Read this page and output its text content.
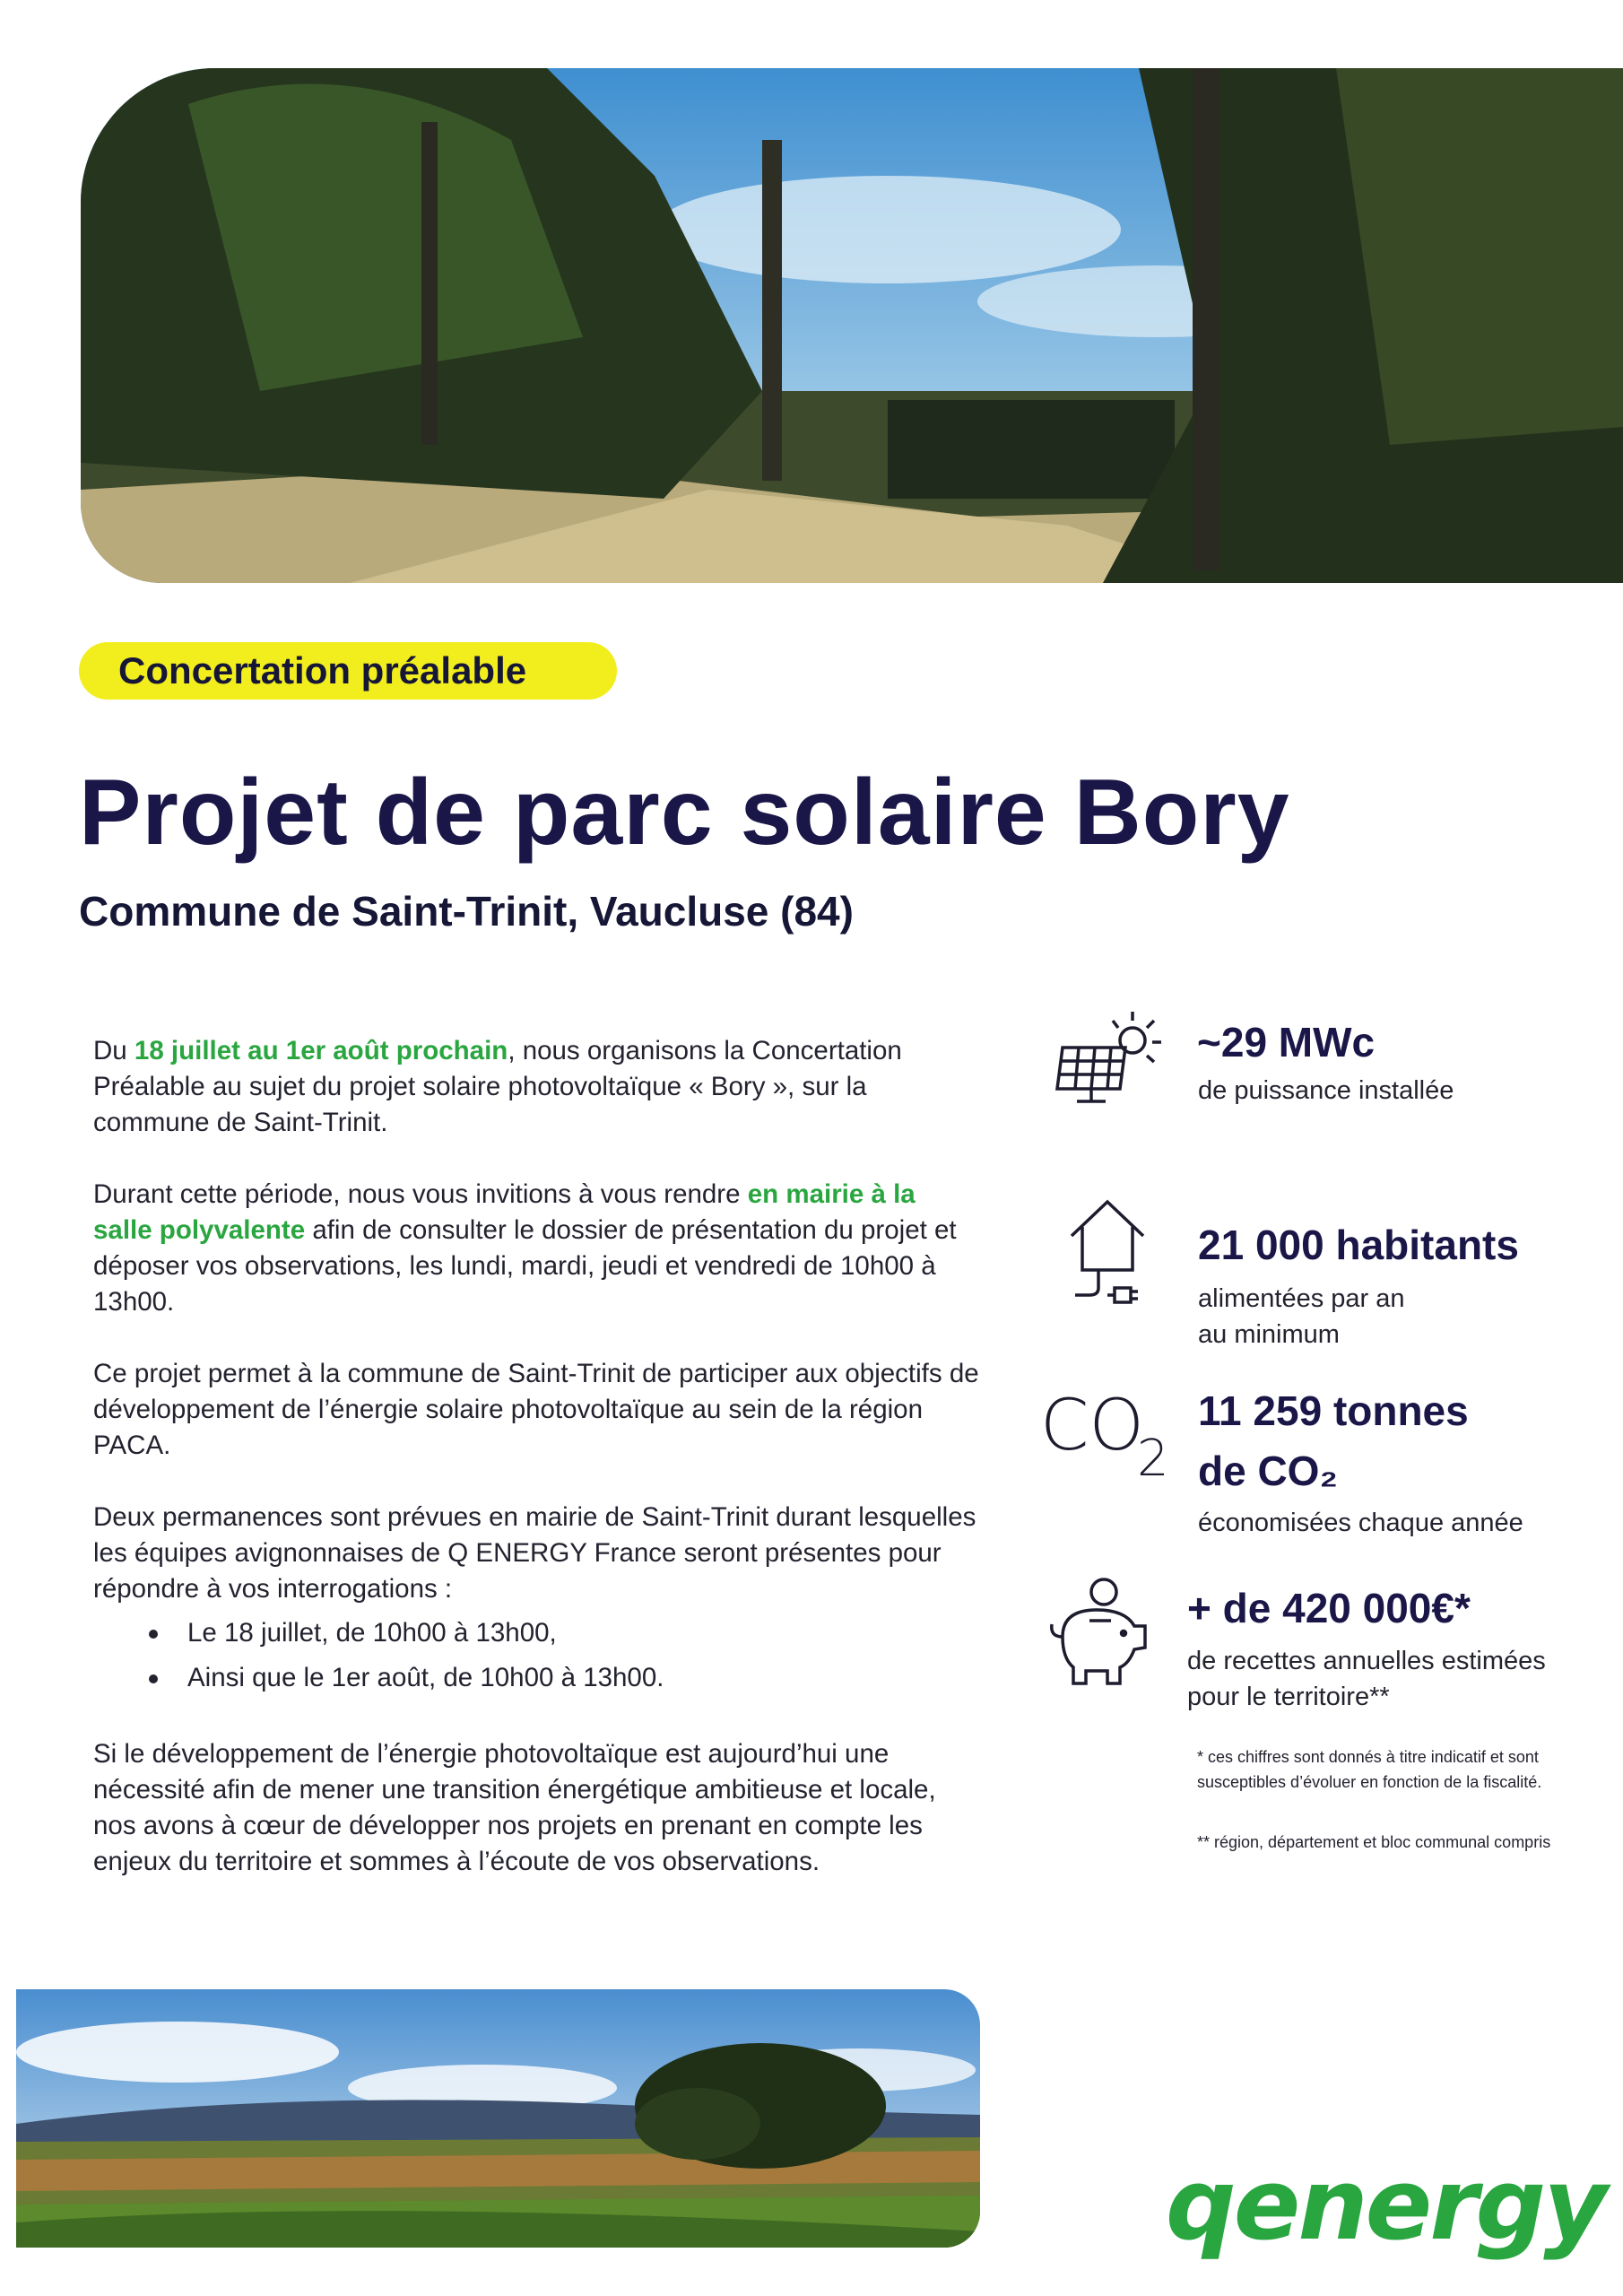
Concertation préalable
Projet de parc solaire Bory
Commune de Saint-Trinit, Vaucluse (84)

Du 18 juillet au 1er août prochain, nous organisons la Concertation Préalable au sujet du projet solaire photovoltaïque « Bory », sur la commune de Saint-Trinit.

Durant cette période, nous vous invitions à vous rendre en mairie à la salle polyvalente afin de consulter le dossier de présentation du projet et déposer vos observations, les lundi, mardi, jeudi et vendredi de 10h00 à 13h00.

Ce projet permet à la commune de Saint-Trinit de participer aux objectifs de développement de l’énergie solaire photovoltaïque au sein de la région PACA.

Deux permanences sont prévues en mairie de Saint-Trinit durant lesquelles les équipes avignonnaises de Q ENERGY France seront présentes pour répondre à vos interrogations :

Le 18 juillet, de 10h00 à 13h00,
Ainsi que le 1er août, de 10h00 à 13h00.

Si le développement de l’énergie photovoltaïque est aujourd’hui une nécessité afin de mener une transition énergétique ambitieuse et locale, nos avons à cœur de développer nos projets en prenant en compte les enjeux du territoire et sommes à l’écoute de vos observations.

~29 MWc
de puissance installée
21 000 habitants
alimentées par an
au minimum
CO
2
11 259 tonnes
de CO₂
économisées chaque année
+ de 420 000€*
de recettes annuelles estimées
pour le territoire**
* ces chiffres sont donnés à titre indicatif et sont susceptibles d’évoluer en fonction de la fiscalité.
** région, département et bloc communal compris
qenergy
